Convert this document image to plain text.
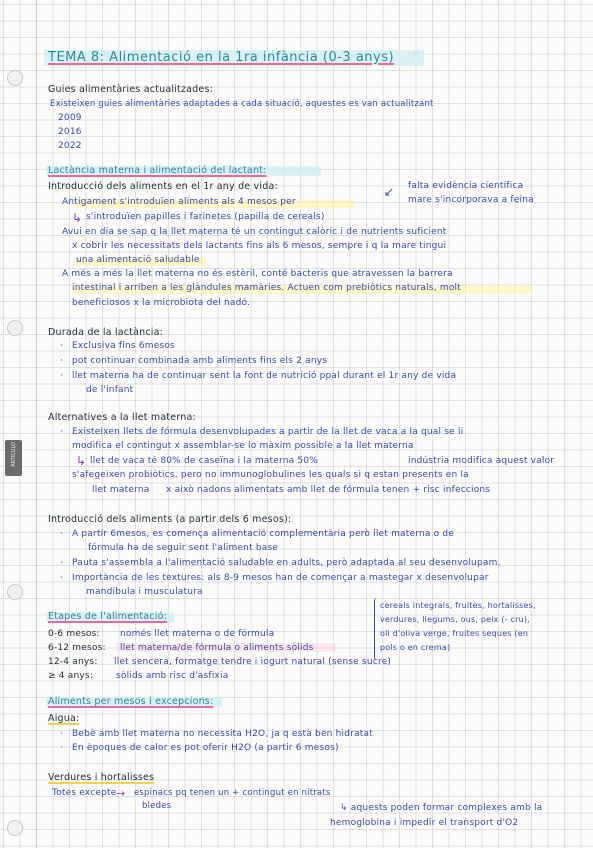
ARTICULO
TEMA 8: Alimentació en la 1ra infància (0-3 anys)
Guies alimentàries actualitzades:
Existeixen guies alimentàries adaptades a cada situació, aquestes es van actualitzant
2009
2016
2022
Lactància materna i alimentació del lactant:
Introducció dels aliments en el 1r any de vida:	falta evidència científica
mare s'incorporava a feina
↙
Antigament s'introduïen aliments als 4 mesos per
↳ s'introduïen papilles i farinetes (papilla de cereals)
Avui en dia se sap q la llet materna té un contingut calòric i de nutrients suficient
x cobrir les necessitats dels lactants fins als 6 mesos, sempre i q la mare tingui
una alimentació saludable
A més a més la llet materna no és estèril, conté bacteris que atravessen la barrera
intestinal i arriben a les glàndules mamàries. Actuen com prebiòtics naturals, molt
beneficiosos x la microbiota del nadó.
Durada de la lactància:
· Exclusiva fins 6mesos
· pot continuar combinada amb aliments fins els 2 anys
· llet materna ha de continuar sent la font de nutrició ppal durant el 1r any de vida
de l'infant
Alternatives a la llet materna:
· Existeixen llets de fórmula desenvolupades a partir de la llet de vaca a la qual se li
modifica el contingut x assemblar-se lo màxim possible a la llet materna
↳ llet de vaca té 80% de caseïna i la materna 50%	indústria modifica aquest valor
s'afegeixen probiòtics, pero no immunoglobulines les quals si q estan presents en la
llet materna x això nadons alimentats amb llet de fórmula tenen + risc infeccions
Introducció dels aliments (a partir dels 6 mesos):
· A partir 6mesos, es comença alimentació complementària però llet materna o de
fórmula ha de seguir sent l'aliment base
· Pauta s'assembla a l'alimentació saludable en adults, però adaptada al seu desenvolupam.
· Importància de les textures: als 8-9 mesos han de començar a mastegar x desenvolupar
mandíbula i musculatura
Etapes de l'alimentació:
0-6 mesos: només llet materna o de fórmula
6-12 mesos: llet materna/de fórmula o aliments sòlids
12-4 anys: llet sencera, formatge tendre i iogurt natural (sense sucre)
≥ 4 anys:	sòlids amb risc d'asfixia
cereals integrals, fruites, hortalisses,
verdures, llegums, ous, peix (- cru),
oli d'oliva verge, fruites seques (en
pols o en crema)
Aliments per mesos i excepcions:
Aigua:
· Bebè amb llet materna no necessita H2O, ja q està ben hidratat
· En èpoques de calor es pot oferir H2O (a partir 6 mesos)
Verdures i hortalisses
Totes excepte → espinacs pq tenen un + contingut en nitrats
bledes	↳ aquests poden formar complexes amb la
hemoglobina i impedir el transport d'O2
